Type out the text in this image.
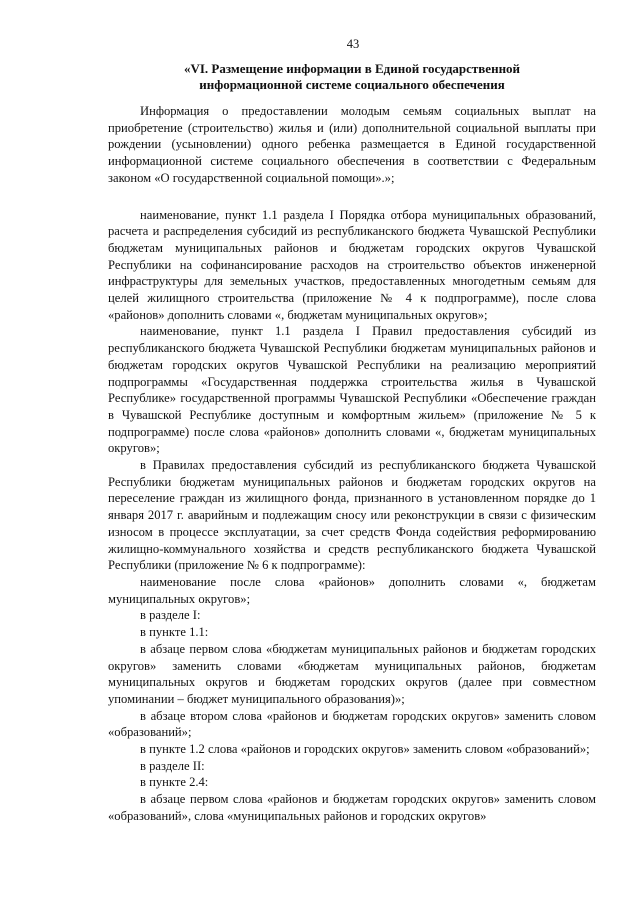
43
«VI. Размещение информации в Единой государственной
информационной системе социального обеспечения

Информация о предоставлении молодым семьям социальных выплат на приобретение (строительство) жилья и (или) дополнительной социальной выплаты при рождении (усыновлении) одного ребенка размещается в Единой государственной информационной системе социального обеспечения в соответствии с Федеральным законом «О государственной социальной помощи».»;

наименование, пункт 1.1 раздела I Порядка отбора муниципальных образований, расчета и распределения субсидий из республиканского бюджета Чувашской Республики бюджетам муниципальных районов и бюджетам городских округов Чувашской Республики на софинансирование расходов на строительство объектов инженерной инфраструктуры для земельных участков, предоставленных многодетным семьям для целей жилищного строительства (приложение № 4 к подпрограмме), после слова «районов» дополнить словами «, бюджетам муниципальных округов»;

наименование, пункт 1.1 раздела I Правил предоставления субсидий из республиканского бюджета Чувашской Республики бюджетам муниципальных районов и бюджетам городских округов Чувашской Республики на реализацию мероприятий подпрограммы «Государственная поддержка строительства жилья в Чувашской Республике» государственной программы Чувашской Республики «Обеспечение граждан в Чувашской Республике доступным и комфортным жильем» (приложение № 5 к подпрограмме) после слова «районов» дополнить словами «, бюджетам муниципальных округов»;

в Правилах предоставления субсидий из республиканского бюджета Чувашской Республики бюджетам муниципальных районов и бюджетам городских округов на переселение граждан из жилищного фонда, признанного в установленном порядке до 1 января 2017 г. аварийным и подлежащим сносу или реконструкции в связи с физическим износом в процессе эксплуатации, за счет средств Фонда содействия реформированию жилищно-коммунального хозяйства и средств республиканского бюджета Чувашской Республики (приложение № 6 к подпрограмме):

наименование после слова «районов» дополнить словами «, бюджетам муниципальных округов»;

в разделе I:

в пункте 1.1:

в абзаце первом слова «бюджетам муниципальных районов и бюджетам городских округов» заменить словами «бюджетам муниципальных районов, бюджетам муниципальных округов и бюджетам городских округов (далее при совместном упоминании – бюджет муниципального образования)»;

в абзаце втором слова «районов и бюджетам городских округов» заменить словом «образований»;

в пункте 1.2 слова «районов и городских округов» заменить словом «образований»;

в разделе II:

в пункте 2.4:

в абзаце первом слова «районов и бюджетам городских округов» заменить словом «образований», слова «муниципальных районов и городских округов»
